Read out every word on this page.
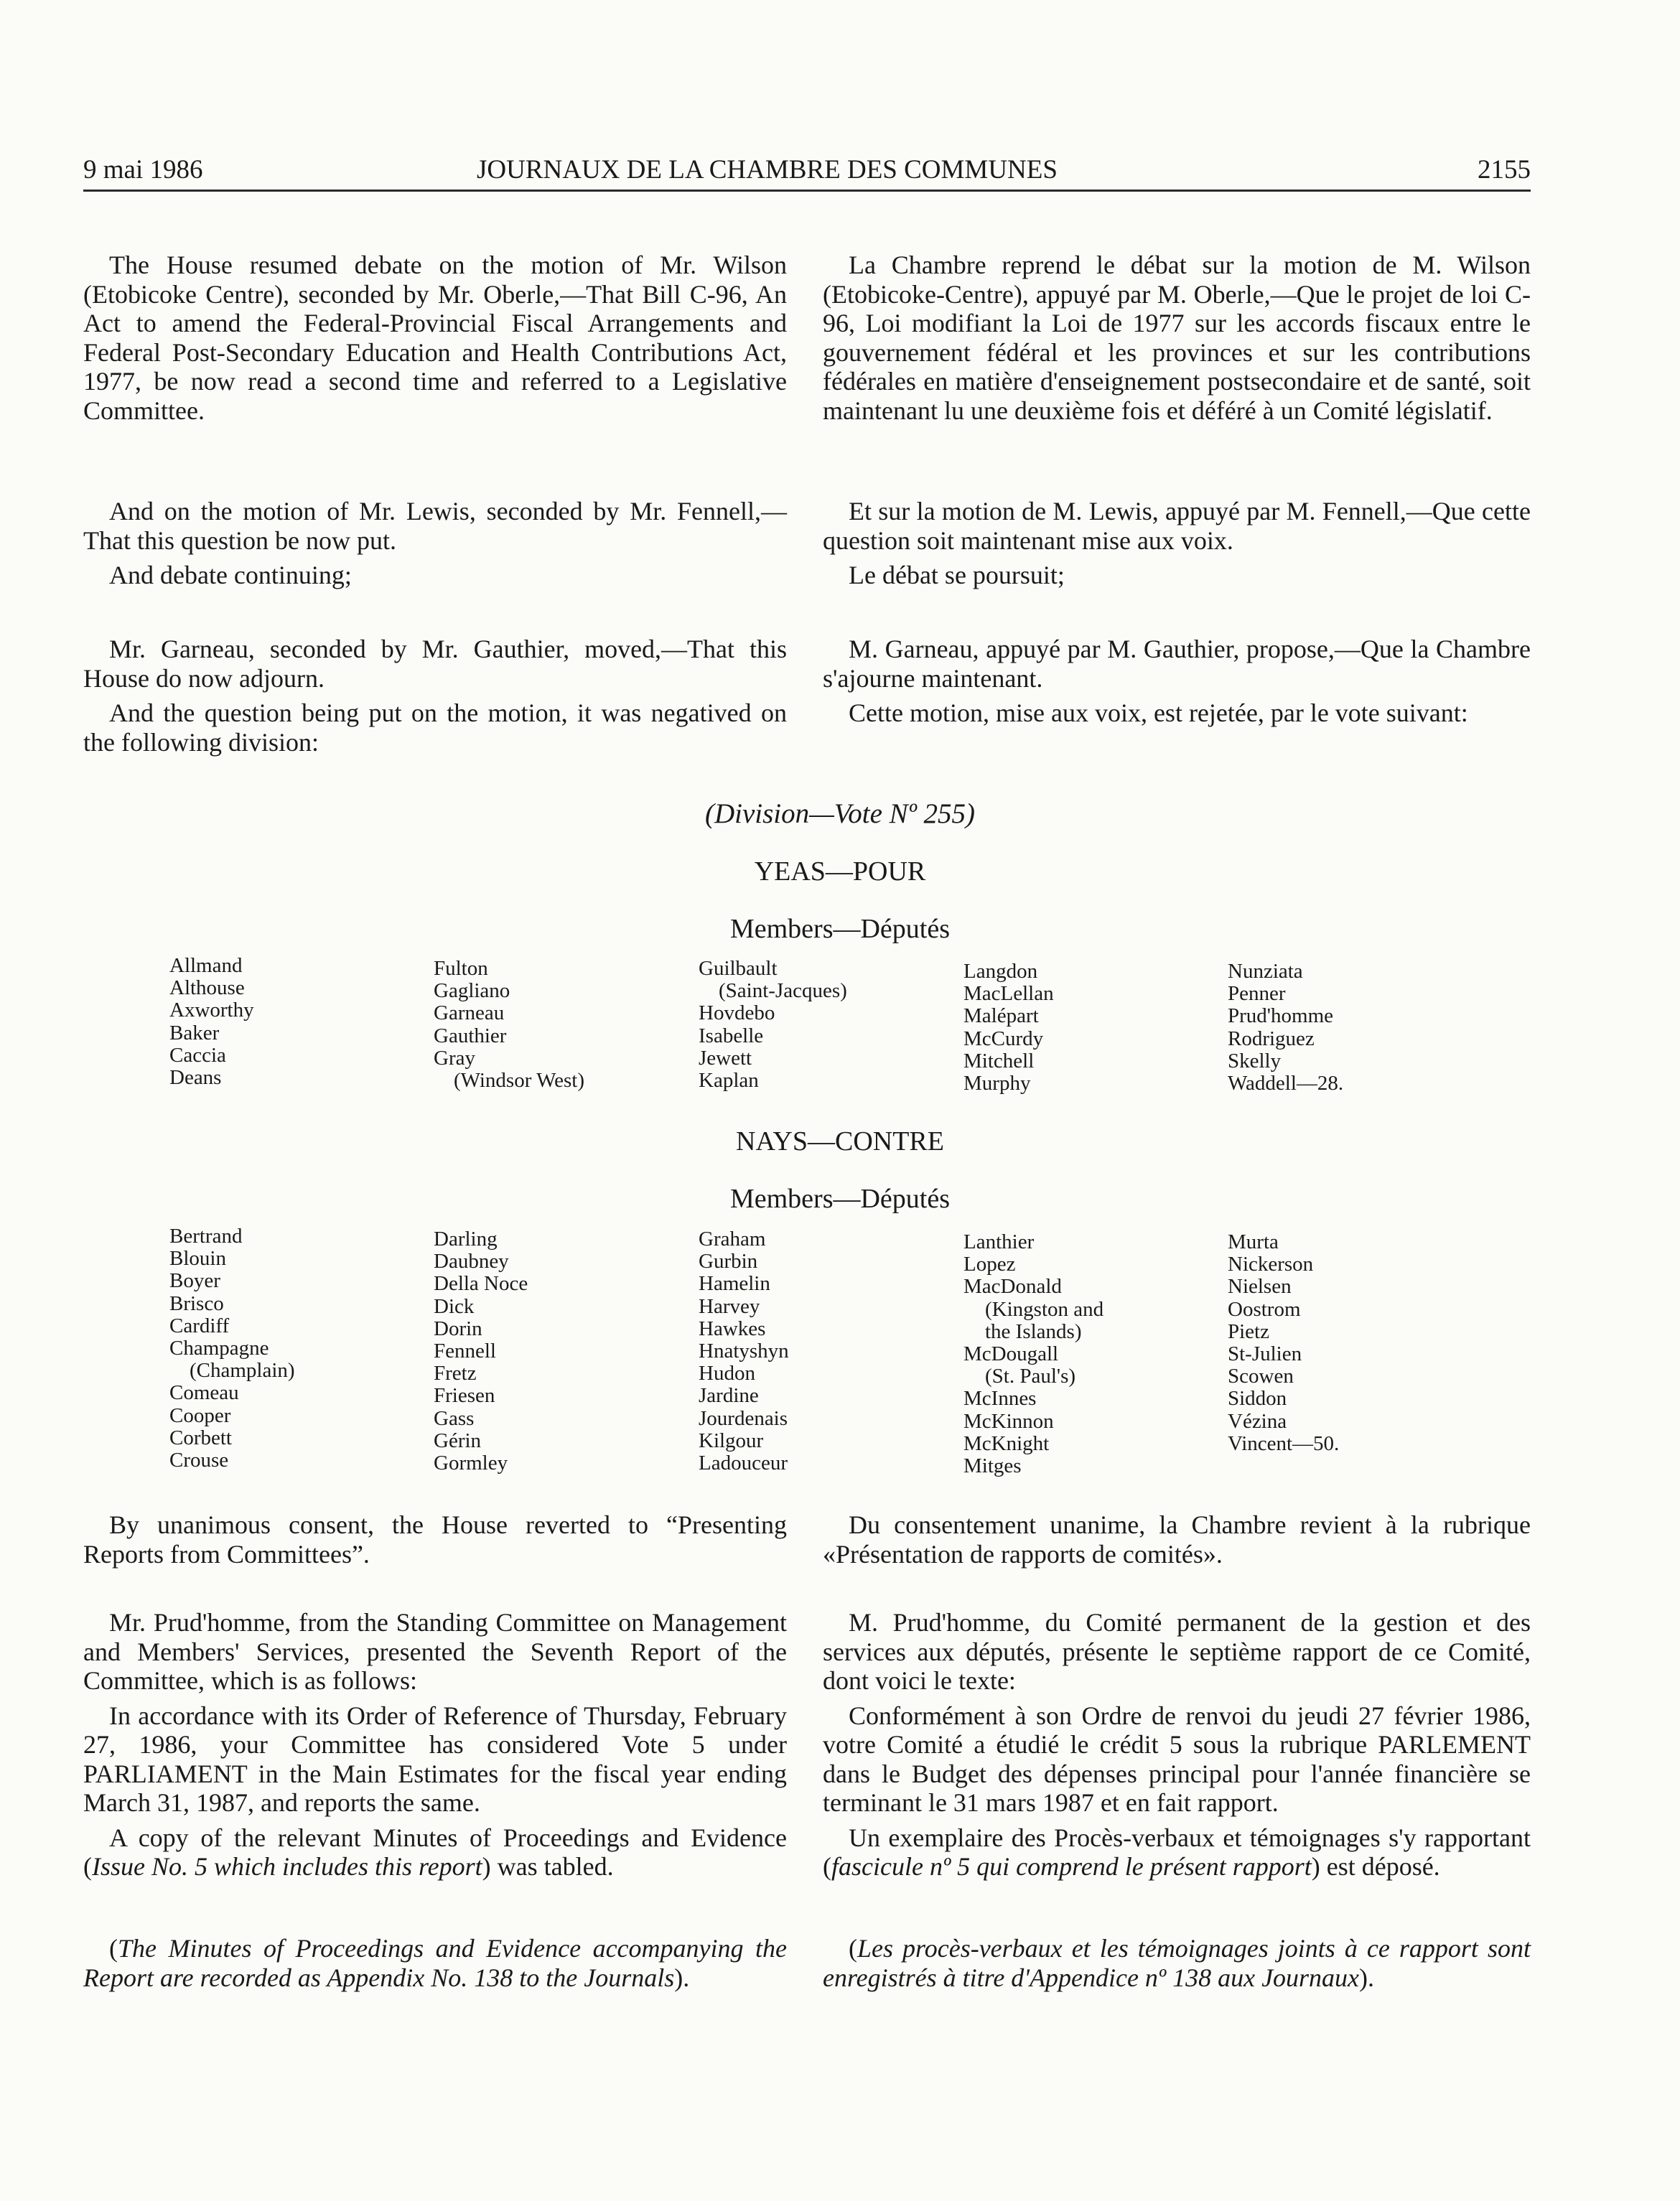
9 mai 1986	JOURNAUX DE LA CHAMBRE DES COMMUNES	2155

The House resumed debate on the motion of Mr. Wilson (Etobicoke Centre), seconded by Mr. Oberle,—That Bill C-96, An Act to amend the Federal-Provincial Fiscal Arrangements and Federal Post-Secondary Education and Health Contributions Act, 1977, be now read a second time and referred to a Legislative Committee.

La Chambre reprend le débat sur la motion de M. Wilson (Etobicoke-Centre), appuyé par M. Oberle,—Que le projet de loi C-96, Loi modifiant la Loi de 1977 sur les accords fiscaux entre le gouvernement fédéral et les provinces et sur les contributions fédérales en matière d'enseignement postsecondaire et de santé, soit maintenant lu une deuxième fois et déféré à un Comité législatif.

And on the motion of Mr. Lewis, seconded by Mr. Fennell,—That this question be now put.

And debate continuing;

Et sur la motion de M. Lewis, appuyé par M. Fennell,—Que cette question soit maintenant mise aux voix.

Le débat se poursuit;

Mr. Garneau, seconded by Mr. Gauthier, moved,—That this House do now adjourn.

And the question being put on the motion, it was negatived on the following division:

M. Garneau, appuyé par M. Gauthier, propose,—Que la Chambre s'ajourne maintenant.

Cette motion, mise aux voix, est rejetée, par le vote suivant:

(Division—Vote Nº 255)
YEAS—POUR
Members—Députés
Allmand
Althouse
Axworthy
Baker
Caccia
Deans
Fulton
Gagliano
Garneau
Gauthier
Gray
(Windsor West)
Guilbault
(Saint-Jacques)
Hovdebo
Isabelle
Jewett
Kaplan
Langdon
MacLellan
Malépart
McCurdy
Mitchell
Murphy
Nunziata
Penner
Prud'homme
Rodriguez
Skelly
Waddell—28.
NAYS—CONTRE
Members—Députés
Bertrand
Blouin
Boyer
Brisco
Cardiff
Champagne
(Champlain)
Comeau
Cooper
Corbett
Crouse
Darling
Daubney
Della Noce
Dick
Dorin
Fennell
Fretz
Friesen
Gass
Gérin
Gormley
Graham
Gurbin
Hamelin
Harvey
Hawkes
Hnatyshyn
Hudon
Jardine
Jourdenais
Kilgour
Ladouceur
Lanthier
Lopez
MacDonald
(Kingston and
the Islands)
McDougall
(St. Paul's)
McInnes
McKinnon
McKnight
Mitges
Murta
Nickerson
Nielsen
Oostrom
Pietz
St-Julien
Scowen
Siddon
Vézina
Vincent—50.

By unanimous consent, the House reverted to “Presenting Reports from Committees”.

Du consentement unanime, la Chambre revient à la rubrique «Présentation de rapports de comités».

Mr. Prud'homme, from the Standing Committee on Management and Members' Services, presented the Seventh Report of the Committee, which is as follows:

In accordance with its Order of Reference of Thursday, February 27, 1986, your Committee has considered Vote 5 under PARLIAMENT in the Main Estimates for the fiscal year ending March 31, 1987, and reports the same.

A copy of the relevant Minutes of Proceedings and Evidence (Issue No. 5 which includes this report) was tabled.

M. Prud'homme, du Comité permanent de la gestion et des services aux députés, présente le septième rapport de ce Comité, dont voici le texte:

Conformément à son Ordre de renvoi du jeudi 27 février 1986, votre Comité a étudié le crédit 5 sous la rubrique PARLEMENT dans le Budget des dépenses principal pour l'année financière se terminant le 31 mars 1987 et en fait rapport.

Un exemplaire des Procès-verbaux et témoignages s'y rapportant (fascicule nº 5 qui comprend le présent rapport) est déposé.

(The Minutes of Proceedings and Evidence accompanying the Report are recorded as Appendix No. 138 to the Journals).

(Les procès-verbaux et les témoignages joints à ce rapport sont enregistrés à titre d'Appendice nº 138 aux Journaux).
